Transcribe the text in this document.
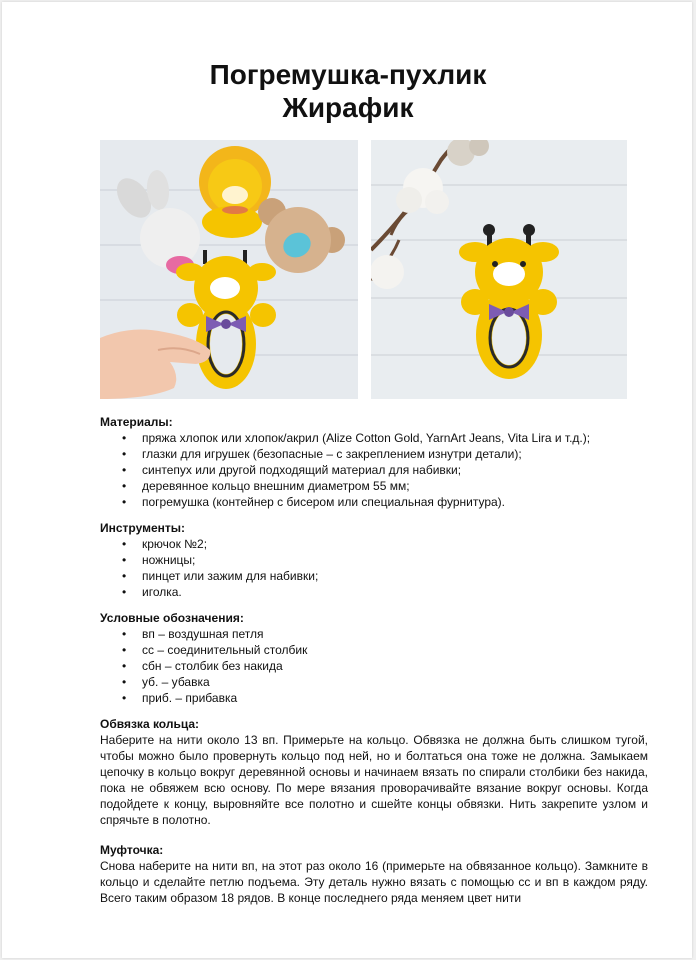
Погремушка-пухлик
Жирафик

Материалы:

• пряжа хлопок или хлопок/акрил (Alize Cotton Gold, YarnArt Jeans, Vita Lira и т.д.);
• глазки для игрушек (безопасные – с закреплением изнутри детали);
• синтепух или другой подходящий материал для набивки;
• деревянное кольцо внешним диаметром 55 мм;
• погремушка (контейнер с бисером или специальная фурнитура).

Инструменты:

• крючок №2;
• ножницы;
• пинцет или зажим для набивки;
• иголка.

Условные обозначения:

• вп – воздушная петля
• сс – соединительный столбик
• сбн – столбик без накида
• уб. – убавка
• приб. – прибавка

Обвязка кольца:

Наберите на нити около 13 вп. Примерьте на кольцо. Обвязка не должна быть слишком тугой, чтобы можно было провернуть кольцо под ней, но и болтаться она тоже не должна. Замыкаем цепочку в кольцо вокруг деревянной основы и начинаем вязать по спирали столбики без накида, пока не обвяжем всю основу. По мере вязания проворачивайте вязание вокруг основы. Когда подойдете к концу, выровняйте все полотно и сшейте концы обвязки. Нить закрепите узлом и спрячьте в полотно.

Муфточка:

Снова наберите на нити вп, на этот раз около 16 (примерьте на обвязанное кольцо). Замкните в кольцо и сделайте петлю подъема. Эту деталь нужно вязать с помощью сс и вп в каждом ряду. Всего таким образом 18 рядов. В конце последнего ряда меняем цвет нити
